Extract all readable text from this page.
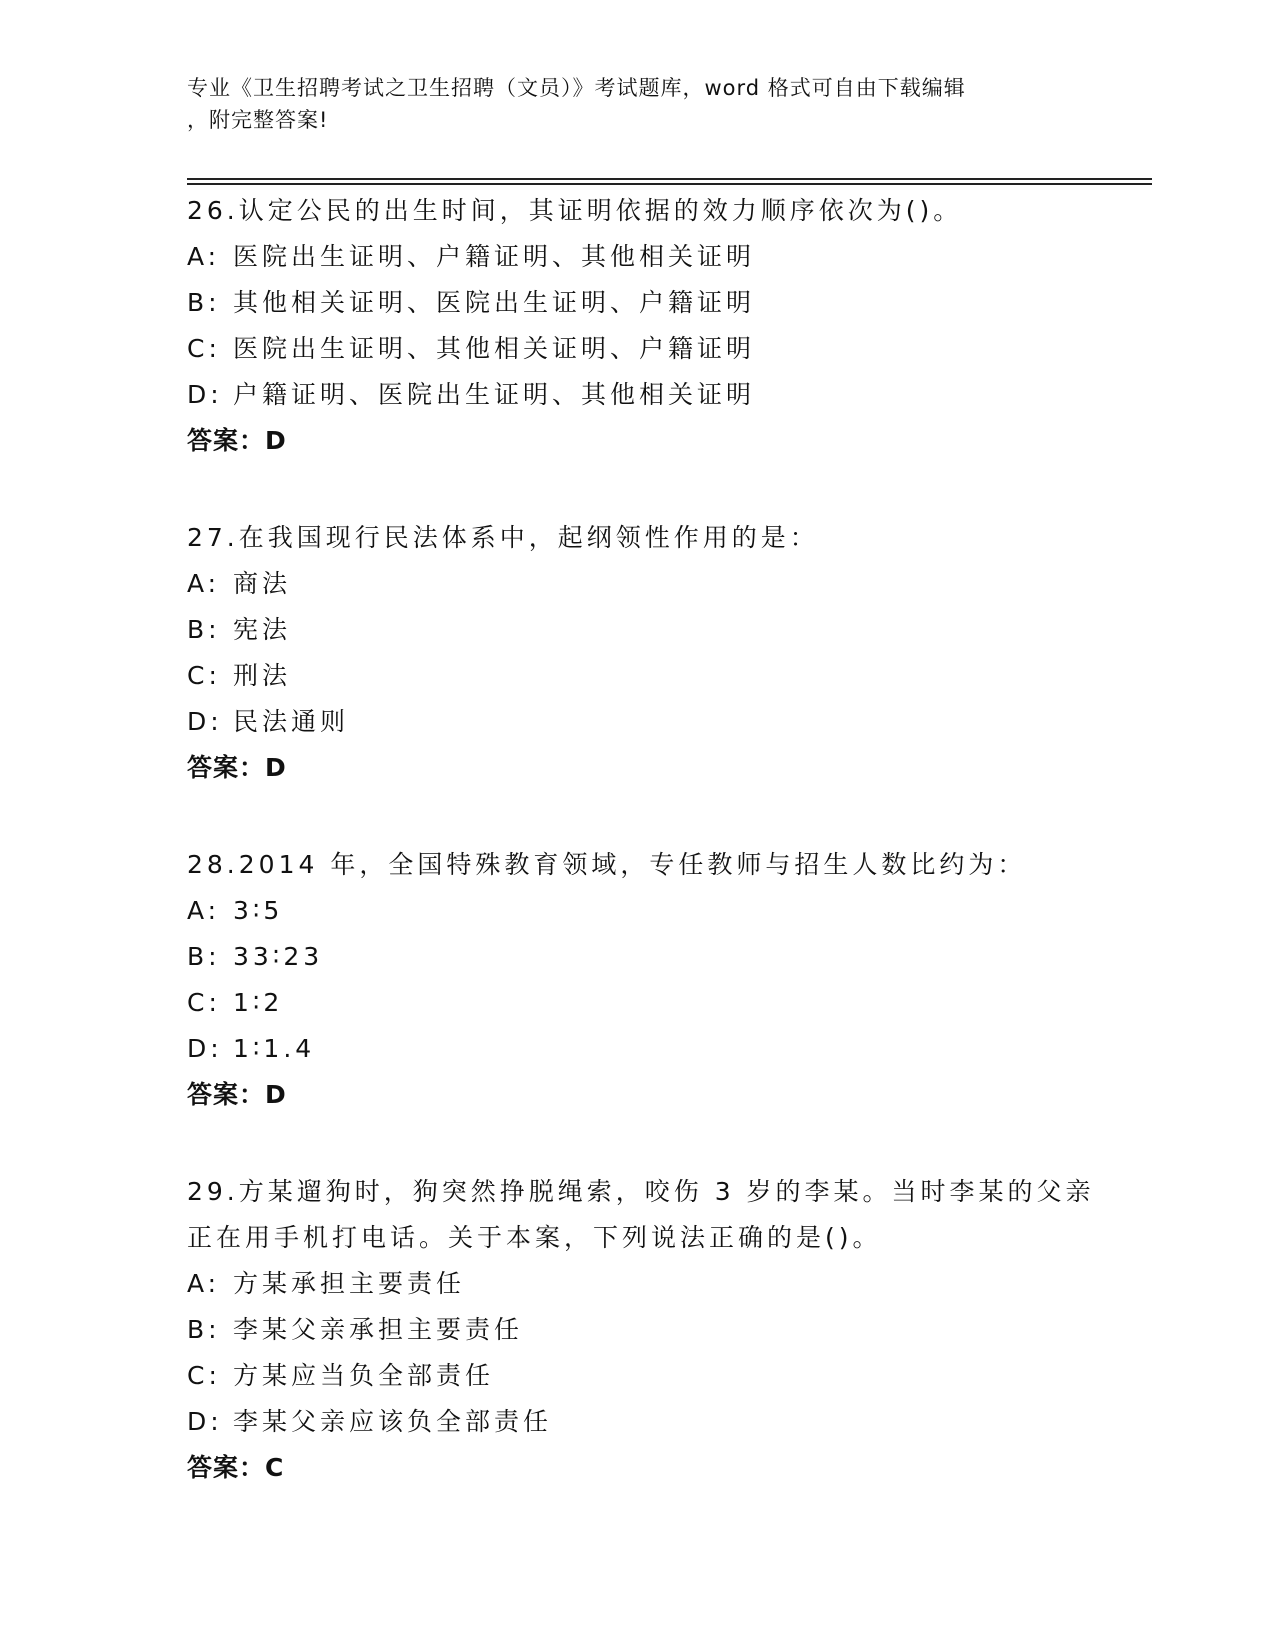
专业《卫生招聘考试之卫生招聘（文员）》考试题库，word 格式可自由下载编辑
，附完整答案!
26.认定公民的出生时间，其证明依据的效力顺序依次为()。
A: 医院出生证明、户籍证明、其他相关证明
B: 其他相关证明、医院出生证明、户籍证明
C: 医院出生证明、其他相关证明、户籍证明
D: 户籍证明、医院出生证明、其他相关证明
答案：D
27.在我国现行民法体系中，起纲领性作用的是：
A: 商法
B: 宪法
C: 刑法
D: 民法通则
答案：D
28.2014 年，全国特殊教育领域，专任教师与招生人数比约为：
A: 3∶5
B: 33∶23
C: 1∶2
D: 1∶1.4
答案：D
29.方某遛狗时，狗突然挣脱绳索，咬伤 3 岁的李某。当时李某的父亲
正在用手机打电话。关于本案，下列说法正确的是()。
A: 方某承担主要责任
B: 李某父亲承担主要责任
C: 方某应当负全部责任
D: 李某父亲应该负全部责任
答案：C
